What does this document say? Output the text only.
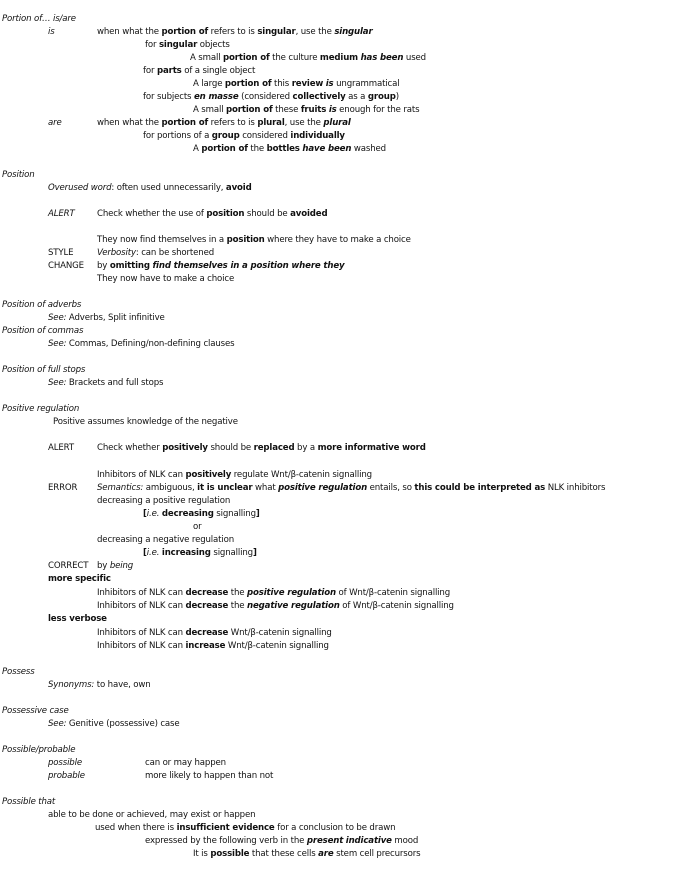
Portion of… is/are
is	when what the portion of refers to is singular, use the singular
for singular objects
A small portion of the culture medium has been used
for parts of a single object
A large portion of this review is ungrammatical
for subjects en masse (considered collectively as a group)
A small portion of these fruits is enough for the rats
are	when what the portion of refers to is plural, use the plural
for portions of a group considered individually
A portion of the bottles have been washed
Position
Overused word: often used unnecessarily, avoid
ALERT	Check whether the use of position should be avoided
They now find themselves in a position where they have to make a choice
STYLE	Verbosity: can be shortened
CHANGE by omitting find themselves in a position where they
They now have to make a choice
Position of adverbs
See: Adverbs, Split infinitive
Position of commas
See: Commas, Defining/non-defining clauses
Position of full stops
See: Brackets and full stops
Positive regulation
Positive assumes knowledge of the negative
ALERT	Check whether positively should be replaced by a more informative word
Inhibitors of NLK can positively regulate Wnt/β-catenin signalling
ERROR Semantics: ambiguous, it is unclear what positive regulation entails, so this could be interpreted as NLK inhibitors
decreasing a positive regulation
[i.e. decreasing signalling]
or
decreasing a negative regulation
[i.e. increasing signalling]
CORRECT by being
more specific
Inhibitors of NLK can decrease the positive regulation of Wnt/β-catenin signalling
Inhibitors of NLK can decrease the negative regulation of Wnt/β-catenin signalling
less verbose
Inhibitors of NLK can decrease Wnt/β-catenin signalling
Inhibitors of NLK can increase Wnt/β-catenin signalling
Possess
Synonyms: to have, own
Possessive case
See: Genitive (possessive) case
Possible/probable
possible	can or may happen
probable	more likely to happen than not
Possible that
able to be done or achieved, may exist or happen
used when there is insufficient evidence for a conclusion to be drawn
expressed by the following verb in the present indicative mood
It is possible that these cells are stem cell precursors
